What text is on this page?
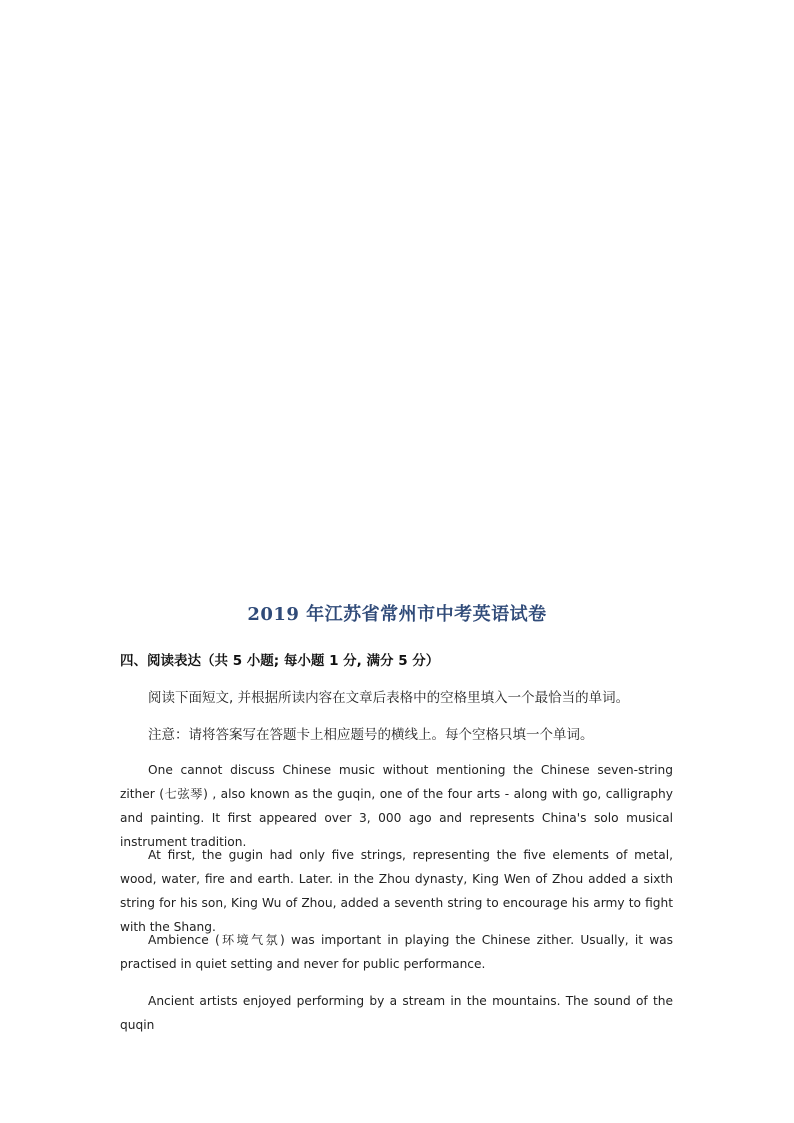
2019 年江苏省常州市中考英语试卷
四、阅读表达（共 5 小题; 每小题 1 分, 满分 5 分）
阅读下面短文, 并根据所读内容在文章后表格中的空格里填入一个最恰当的单词。
注意：请将答案写在答题卡上相应题号的横线上。每个空格只填一个单词。

One cannot discuss Chinese music without mentioning the Chinese seven-string zither (七弦琴) , also known as the guqin, one of the four arts - along with go, calligraphy and painting. It first appeared over 3, 000 ago and represents China's solo musical instrument tradition.

At first, the gugin had only five strings, representing the five elements of metal, wood, water, fire and earth. Later. in the Zhou dynasty, King Wen of Zhou added a sixth string for his son, King Wu of Zhou, added a seventh string to encourage his army to fight with the Shang.

Ambience (环境气氛) was important in playing the Chinese zither. Usually, it was practised in quiet setting and never for public performance.

Ancient artists enjoyed performing by a stream in the mountains. The sound of the quqin
